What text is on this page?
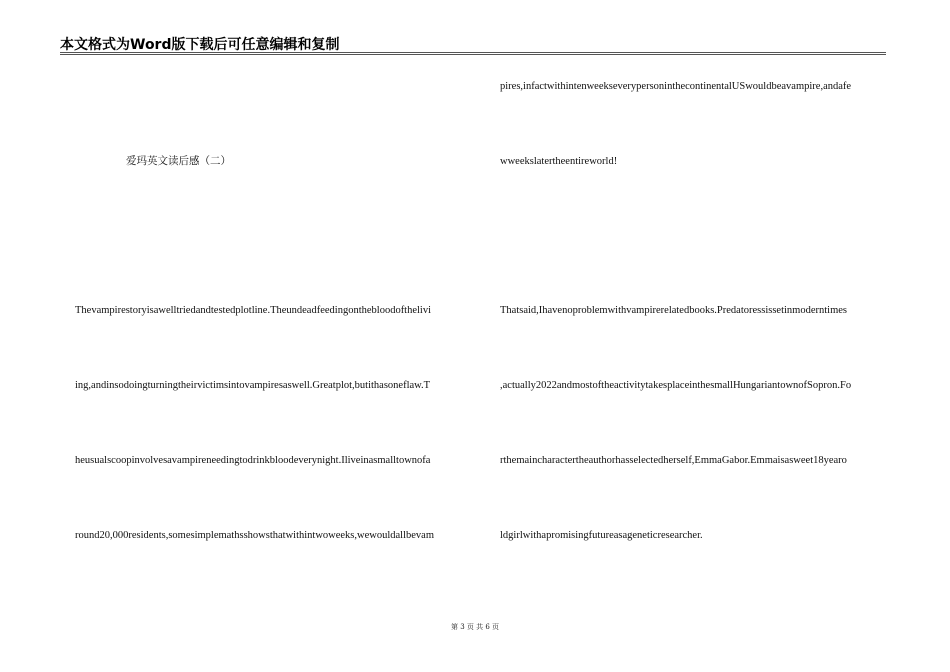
本文格式为Word版下载后可任意编辑和复制
爱玛英文读后感（二）
pires,infactwithintenweekseverypersoninthecontinentalUSwouldbeavampire,andafe
wweekslatertheentireworld!
Thevampirestoryisawelltriedandtestedplotline.Theundeadfeedingonthebloodofthelivi
ing,andinsodoingturningtheirvictimsintovampiresaswell.Greatplot,butithasoneflaw.T
heusualscoopinvolvesavampireneedingtodrinkbloodeverynight.Iliveinasmalltownofa
round20,000residents,somesimplemathsshowsthatwithintwoweeks,wewouldallbevam
Thatsaid,Ihavenoproblemwithvampirerelatedbooks.Predatoressissetinmoderntimes
,actually2022andmostoftheactivitytakesplaceinthesmallHungariantownofSopron.Fo
rthemaincharactertheauthorhasselectedherself,EmmaGabor.Emmaisasweet18yearo
ldgirlwithapromisingfutureasageneticresearcher.
第 3 页 共 6 页
